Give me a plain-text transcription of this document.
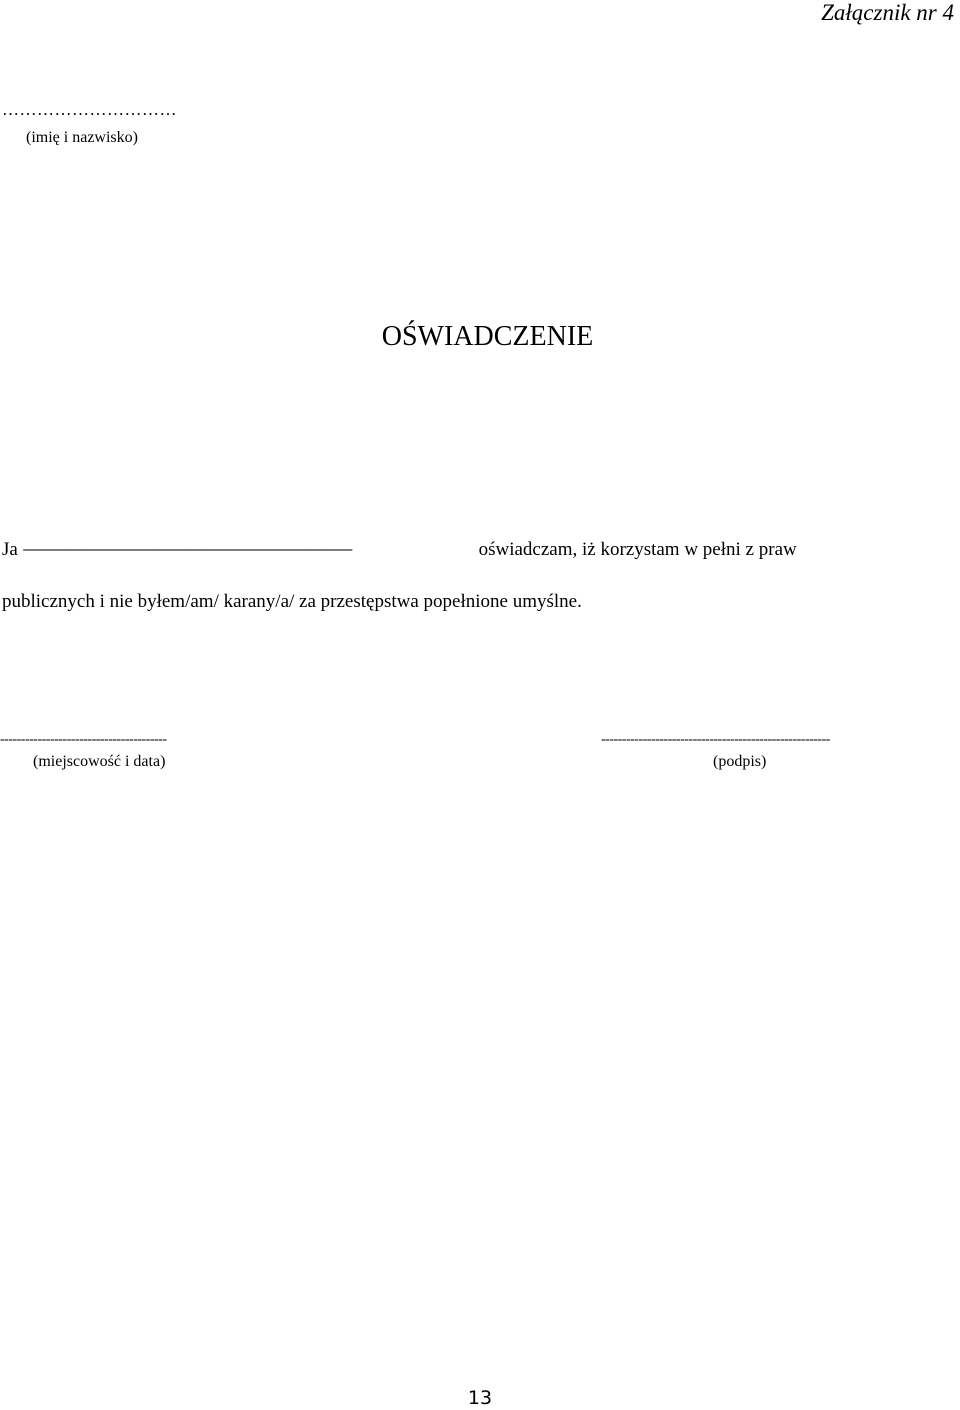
Załącznik nr 4
…………………………
(imię i nazwisko)
OŚWIADCZENIE
Ja --------------------------------------------------------------------------------------------------------	oświadczam, iż korzystam w pełni z praw
publicznych i nie byłem/am/ karany/a/ za przestępstwa popełnione umyślne.
----------------------------------------
(miejscowość i data)
-------------------------------------------------------
(podpis)
13
